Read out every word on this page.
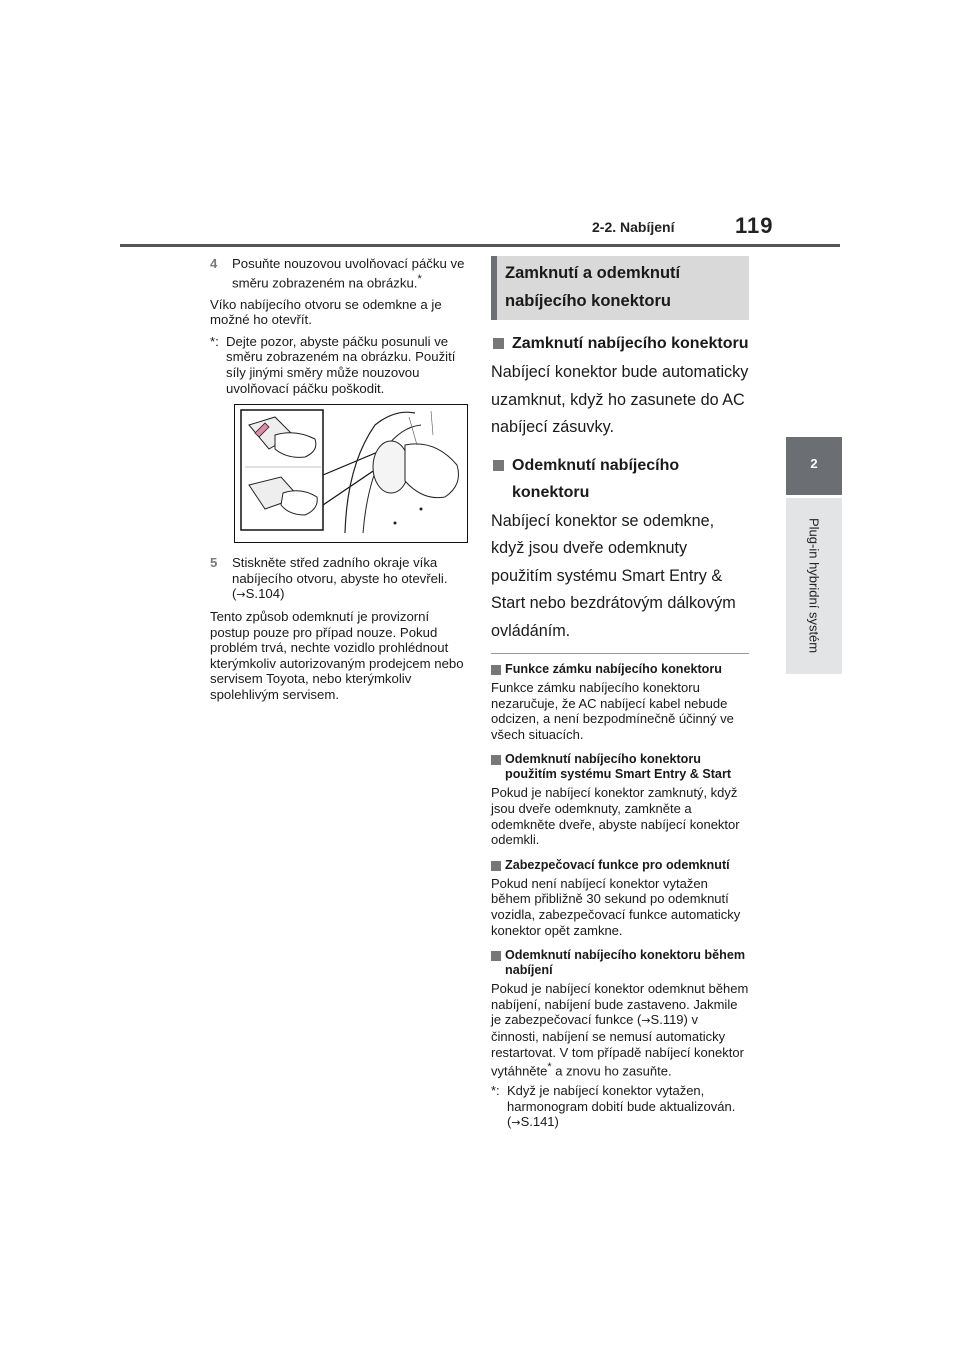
2-2. Nabíjení	119
2
Plug-in hybridní systém
4	Posuňte nouzovou uvolňovací páčku ve směru zobrazeném na obrázku.*

Víko nabíjecího otvoru se odemkne a je možné ho otevřít.

*: Dejte pozor, abyste páčku posunuli ve směru zobrazeném na obrázku. Použití síly jinými směry může nouzovou uvolňovací páčku poškodit.
5	Stiskněte střed zadního okraje víka nabíjecího otvoru, abyste ho otevřeli.
(→S.104)

Tento způsob odemknutí je provizorní postup pouze pro případ nouze. Pokud problém trvá, nechte vozidlo prohlédnout kterýmkoliv autorizovaným prodejcem nebo servisem Toyota, nebo kterýmkoliv spolehlivým servisem.

Zamknutí a odemknutí nabíjecího konektoru
Zamknutí nabíjecího konektoru

Nabíjecí konektor bude automaticky uzamknut, když ho zasunete do AC nabíjecí zásuvky.

Odemknutí nabíjecího konektoru

Nabíjecí konektor se odemkne, když jsou dveře odemknuty použitím systému Smart Entry & Start nebo bezdrátovým dálkovým ovládáním.

Funkce zámku nabíjecího konektoru

Funkce zámku nabíjecího konektoru nezaručuje, že AC nabíjecí kabel nebude odcizen, a není bezpodmínečně účinný ve všech situacích.

Odemknutí nabíjecího konektoru použitím systému Smart Entry & Start

Pokud je nabíjecí konektor zamknutý, když jsou dveře odemknuty, zamkněte a odemkněte dveře, abyste nabíjecí konektor odemkli.

Zabezpečovací funkce pro odemknutí

Pokud není nabíjecí konektor vytažen během přibližně 30 sekund po odemknutí vozidla, zabezpečovací funkce automaticky konektor opět zamkne.

Odemknutí nabíjecího konektoru během nabíjení

Pokud je nabíjecí konektor odemknut během nabíjení, nabíjení bude zastaveno. Jakmile je zabezpečovací funkce (→S.119) v činnosti, nabíjení se nemusí automaticky restartovat. V tom případě nabíjecí konektor vytáhněte* a znovu ho zasuňte.

*: Když je nabíjecí konektor vytažen, harmonogram dobití bude aktualizován. (→S.141)
